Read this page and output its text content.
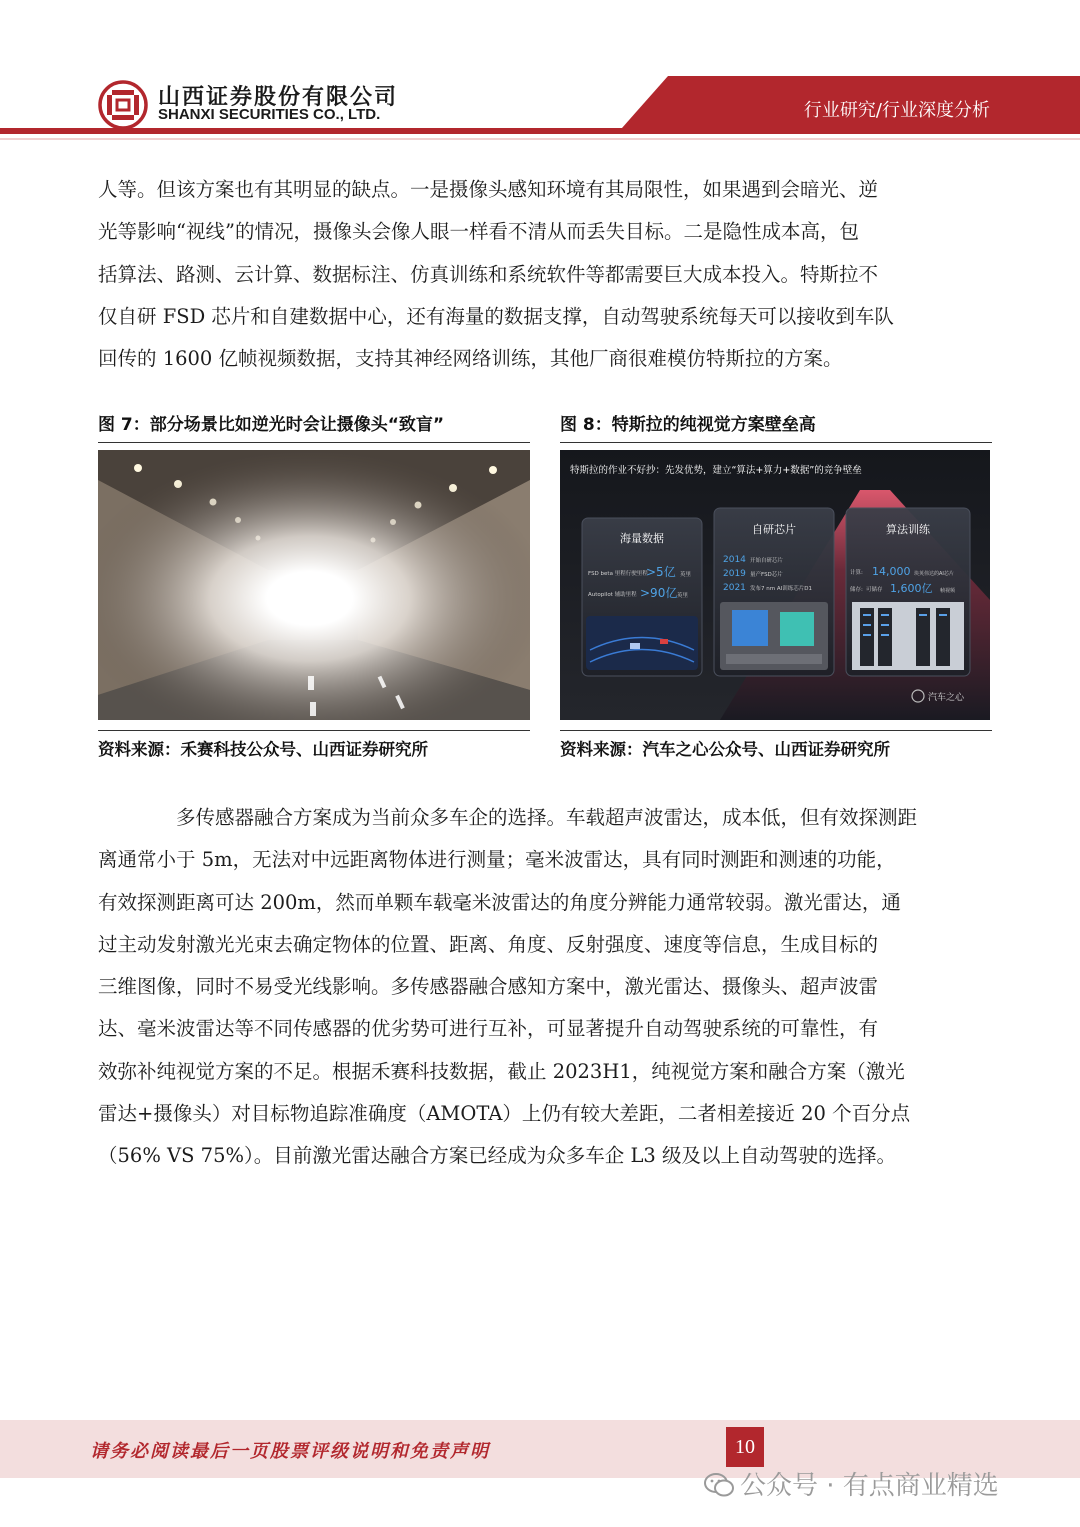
山西证券股份有限公司
SHANXI SECURITIES CO., LTD.	行业研究/行业深度分析

人等。但该方案也有其明显的缺点。一是摄像头感知环境有其局限性，如果遇到会暗光、逆
光等影响“视线”的情况，摄像头会像人眼一样看不清从而丢失目标。二是隐性成本高，包
括算法、路测、云计算、数据标注、仿真训练和系统软件等都需要巨大成本投入。特斯拉不
仅自研 FSD 芯片和自建数据中心，还有海量的数据支撑，自动驾驶系统每天可以接收到车队
回传的 1600 亿帧视频数据，支持其神经网络训练，其他厂商很难模仿特斯拉的方案。

图 7：部分场景比如逆光时会让摄像头“致盲”
资料来源：禾赛科技公众号、山西证券研究所
图 8：特斯拉的纯视觉方案壁垒高
特斯拉的作业不好抄：先发优势，建立“算法+算力+数据”的竞争壁垒
海量数据
FSD beta 里程行驶里程
>5亿 英里
Autopilot 辅助里程 >90亿 英里
自研芯片
2014 开始自研芯片
2019 量产FSD芯片
2021 发布7 nm AI训练芯片D1
算法训练
计算: 14,000 块英伟达的AI芯片
储存: 可储存 1,600亿 帧视频
汽车之心
资料来源：汽车之心公众号、山西证券研究所

多传感器融合方案成为当前众多车企的选择。车载超声波雷达，成本低，但有效探测距
离通常小于 5m，无法对中远距离物体进行测量；毫米波雷达，具有同时测距和测速的功能，
有效探测距离可达 200m，然而单颗车载毫米波雷达的角度分辨能力通常较弱。激光雷达，通
过主动发射激光光束去确定物体的位置、距离、角度、反射强度、速度等信息，生成目标的
三维图像，同时不易受光线影响。多传感器融合感知方案中，激光雷达、摄像头、超声波雷
达、毫米波雷达等不同传感器的优劣势可进行互补，可显著提升自动驾驶系统的可靠性，有
效弥补纯视觉方案的不足。根据禾赛科技数据，截止 2023H1，纯视觉方案和融合方案（激光
雷达+摄像头）对目标物追踪准确度（AMOTA）上仍有较大差距，二者相差接近 20 个百分点
（56% VS 75%）。目前激光雷达融合方案已经成为众多车企 L3 级及以上自动驾驶的选择。

请务必阅读最后一页股票评级说明和免责声明	10
公众号 · 有点商业精选
